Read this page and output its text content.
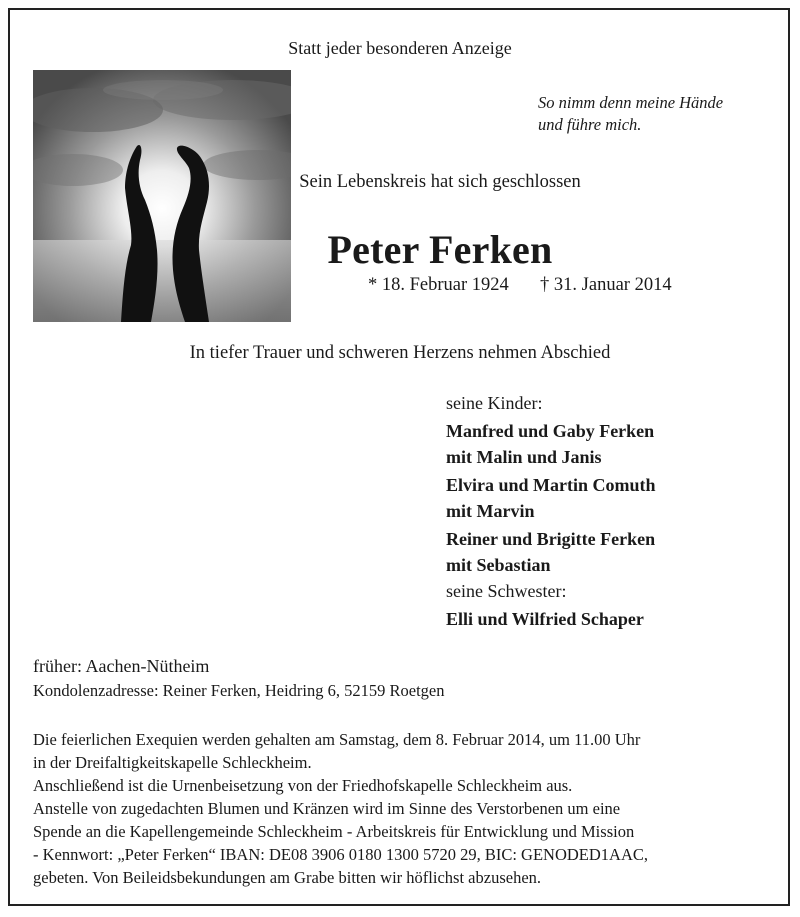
Statt jeder besonderen Anzeige
So nimm denn meine Hände
und führe mich.
Sein Lebenskreis hat sich geschlossen
Peter Ferken
* 18. Februar 1924 † 31. Januar 2014
In tiefer Trauer und schweren Herzens nehmen Abschied
seine Kinder:
Manfred und Gaby Ferken
mit Malin und Janis
Elvira und Martin Comuth
mit Marvin
Reiner und Brigitte Ferken
mit Sebastian
seine Schwester:
Elli und Wilfried Schaper
früher: Aachen-Nütheim
Kondolenzadresse: Reiner Ferken, Heidring 6, 52159 Roetgen
Die feierlichen Exequien werden gehalten am Samstag, dem 8. Februar 2014, um 11.00 Uhr
in der Dreifaltigkeitskapelle Schleckheim.
Anschließend ist die Urnenbeisetzung von der Friedhofskapelle Schleckheim aus.
Anstelle von zugedachten Blumen und Kränzen wird im Sinne des Verstorbenen um eine
Spende an die Kapellengemeinde Schleckheim - Arbeitskreis für Entwicklung und Mission
- Kennwort: „Peter Ferken“ IBAN: DE08 3906 0180 1300 5720 29, BIC: GENODED1AAC,
gebeten. Von Beileidsbekundungen am Grabe bitten wir höflichst abzusehen.
